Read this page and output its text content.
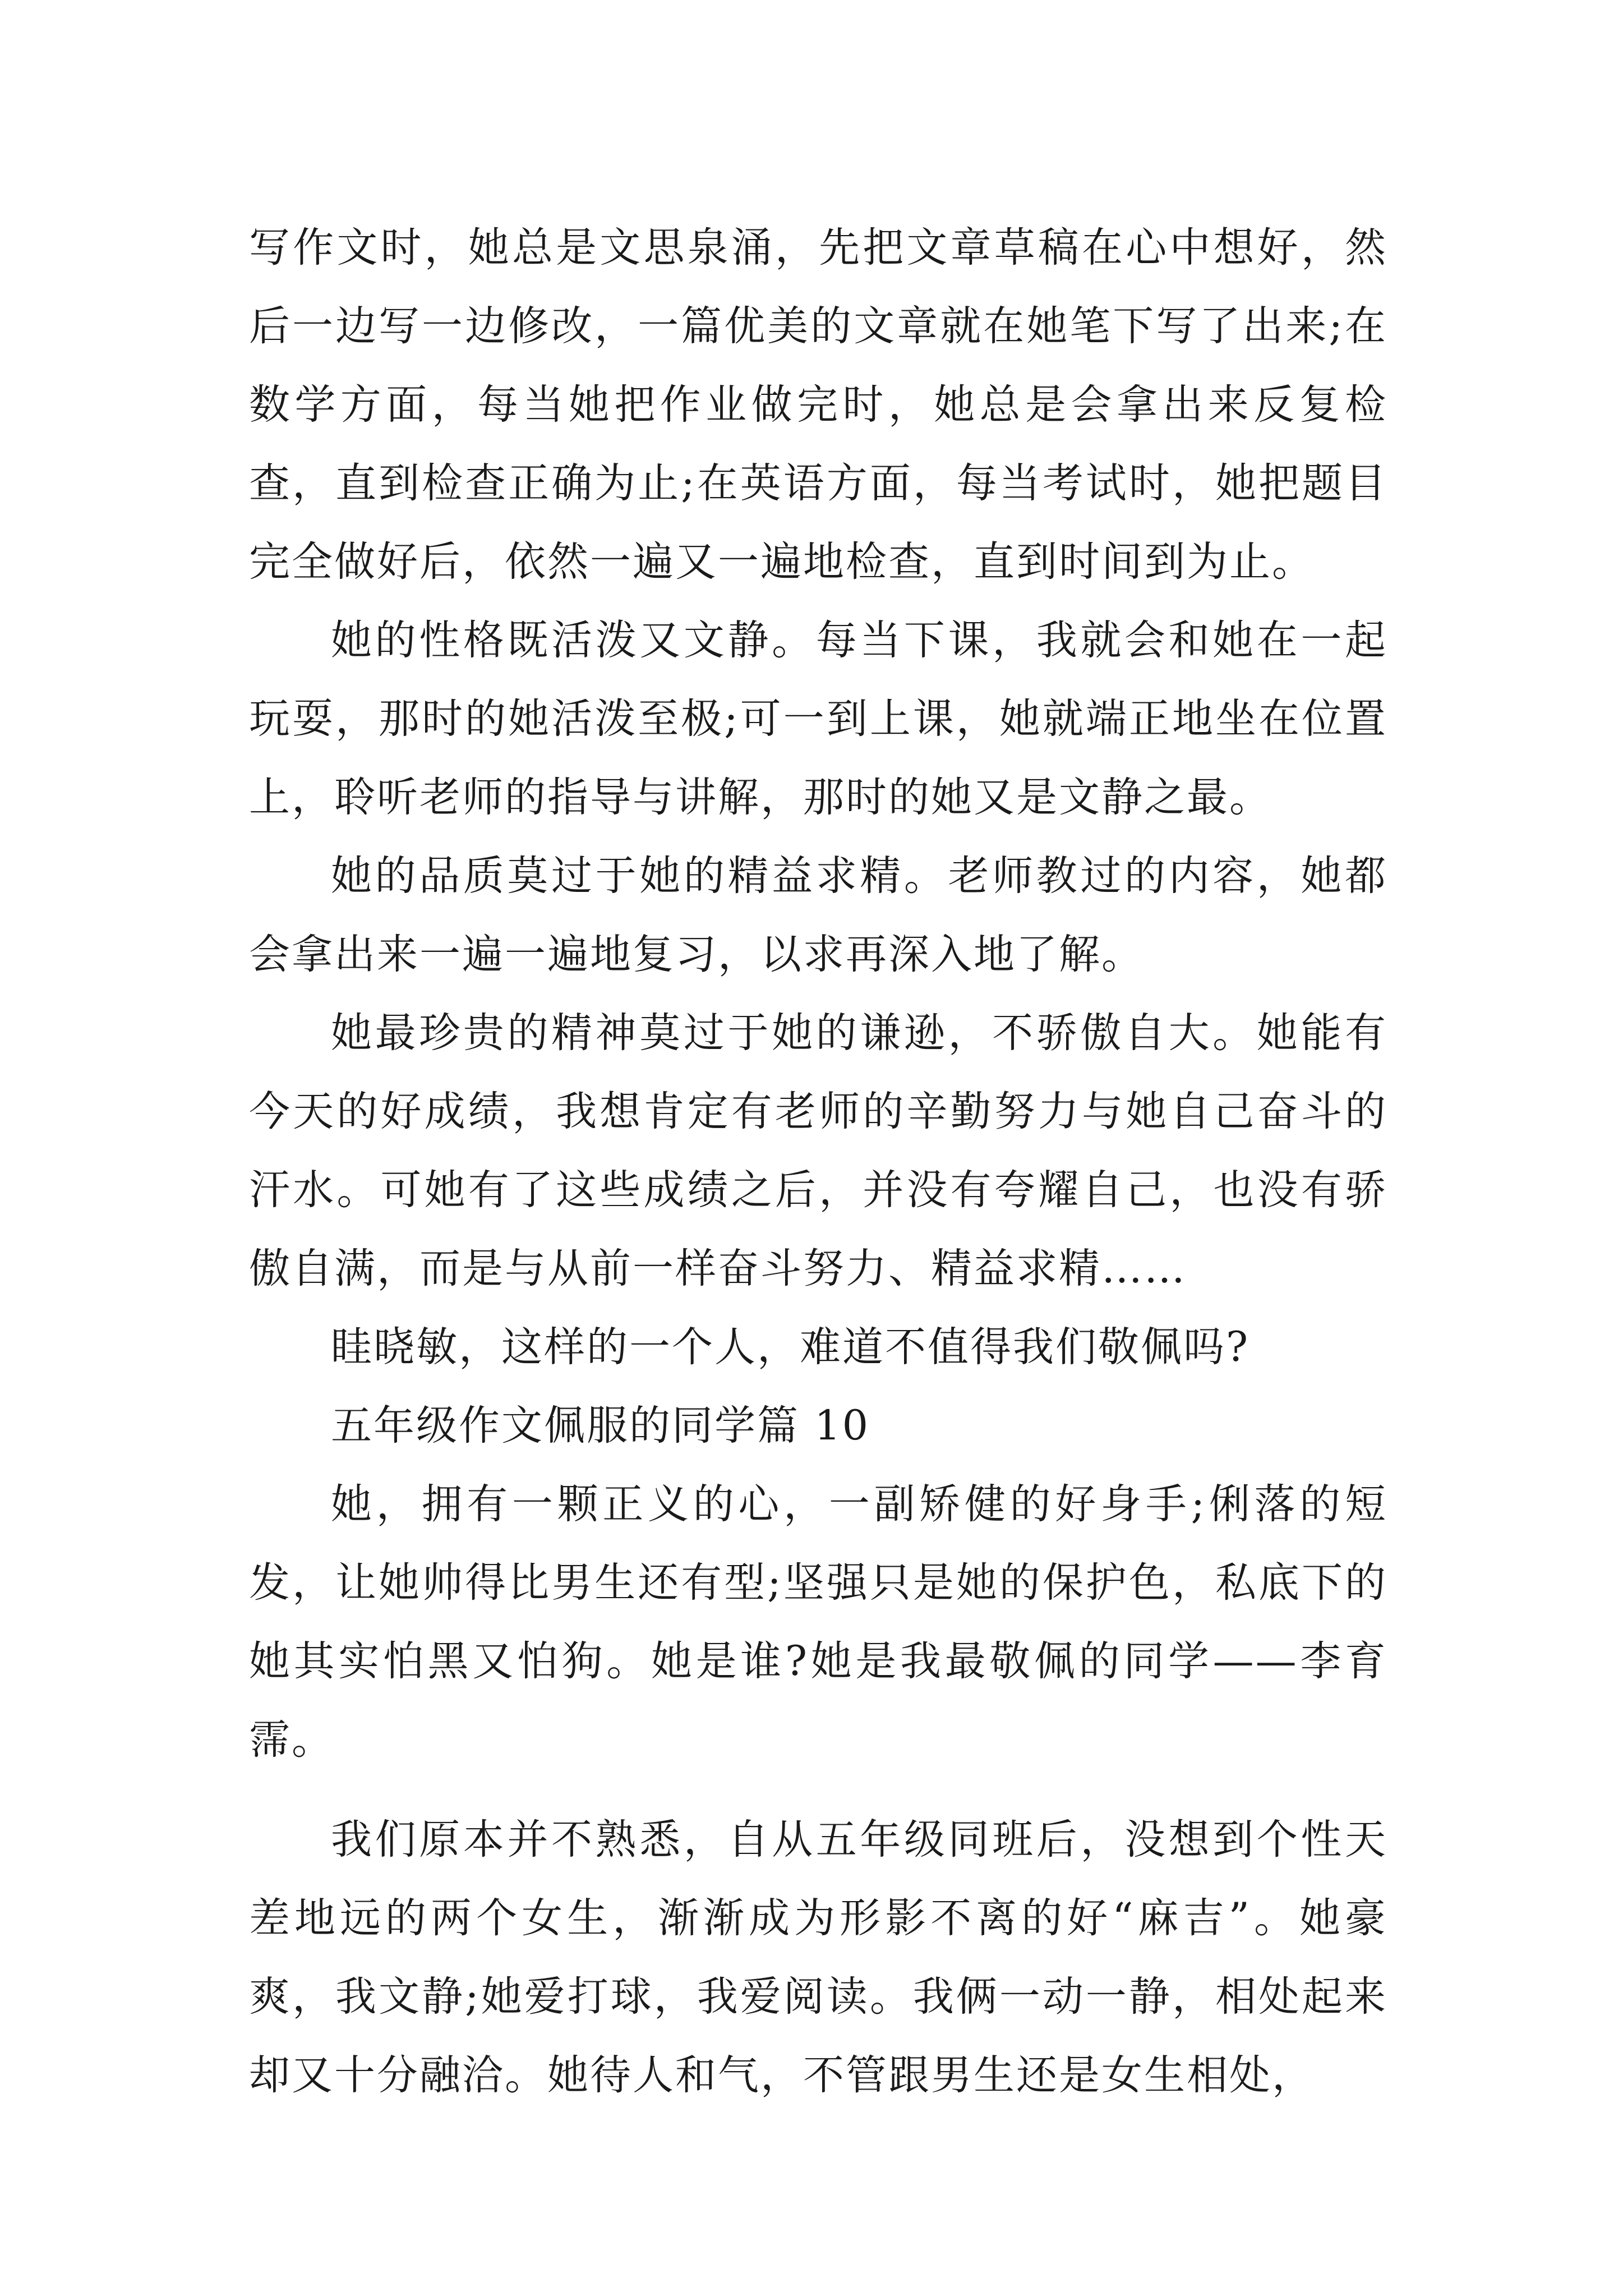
写作文时，她总是文思泉涌，先把文章草稿在心中想好，然后一边写一边修改，一篇优美的文章就在她笔下写了出来;在数学方面，每当她把作业做完时，她总是会拿出来反复检查，直到检查正确为止;在英语方面，每当考试时，她把题目完全做好后，依然一遍又一遍地检查，直到时间到为止。

她的性格既活泼又文静。每当下课，我就会和她在一起玩耍，那时的她活泼至极;可一到上课，她就端正地坐在位置上，聆听老师的指导与讲解，那时的她又是文静之最。

她的品质莫过于她的精益求精。老师教过的内容，她都会拿出来一遍一遍地复习，以求再深入地了解。

她最珍贵的精神莫过于她的谦逊，不骄傲自大。她能有今天的好成绩，我想肯定有老师的辛勤努力与她自己奋斗的汗水。可她有了这些成绩之后，并没有夸耀自己，也没有骄傲自满，而是与从前一样奋斗努力、精益求精……

眭晓敏，这样的一个人，难道不值得我们敬佩吗?

五年级作文佩服的同学篇 10

她，拥有一颗正义的心，一副矫健的好身手;俐落的短发，让她帅得比男生还有型;坚强只是她的保护色，私底下的她其实怕黑又怕狗。她是谁?她是我最敬佩的同学——李育霈。

我们原本并不熟悉，自从五年级同班后，没想到个性天差地远的两个女生，渐渐成为形影不离的好“麻吉”。她豪爽，我文静;她爱打球，我爱阅读。我俩一动一静，相处起来却又十分融洽。她待人和气，不管跟男生还是女生相处，
